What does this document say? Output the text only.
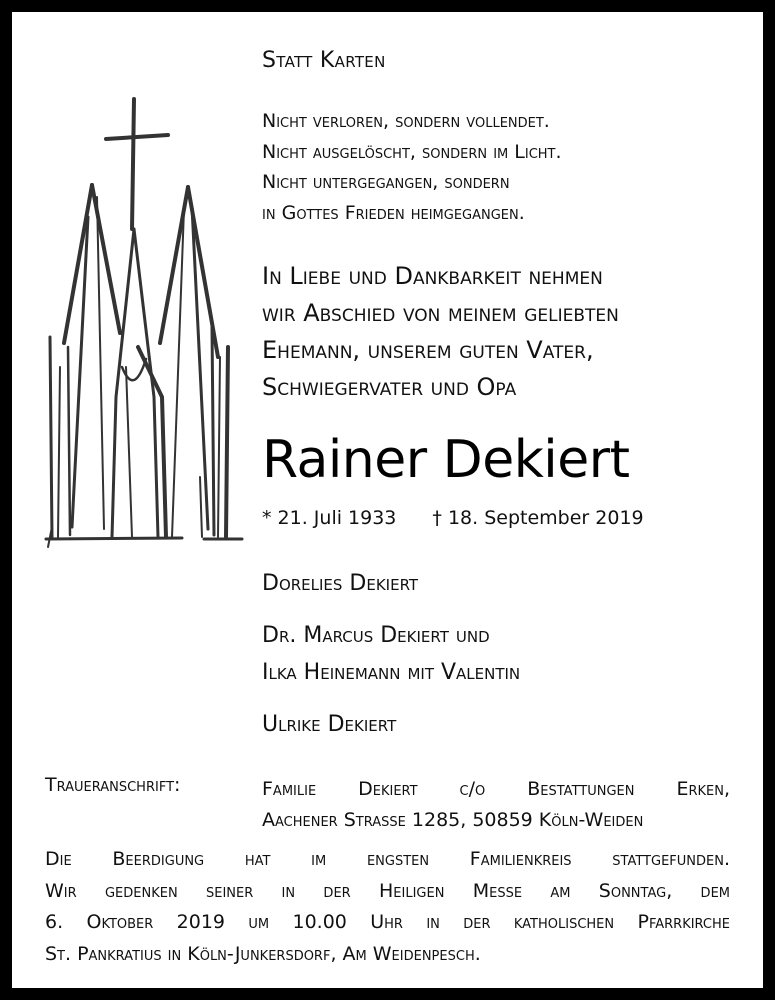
Statt Karten

Nicht verloren, sondern vollendet.
Nicht ausgelöscht, sondern im Licht.
Nicht untergegangen, sondern
in Gottes Frieden heimgegangen.

In Liebe und Dankbarkeit nehmen
wir Abschied von meinem geliebten
Ehemann, unserem guten Vater,
Schwiegervater und Opa

Rainer Dekiert

* 21. Juli 1933 † 18. September 2019

Dorelies Dekiert

Dr. Marcus Dekiert und
Ilka Heinemann mit Valentin

Ulrike Dekiert

Traueranschrift:	Familie Dekiert c/o Bestattungen Erken,
Aachener Strasse 1285, 50859 Köln-Weiden
Die Beerdigung hat im engsten Familienkreis stattgefunden.
Wir gedenken seiner in der Heiligen Messe am Sonntag, dem
6. Oktober 2019 um 10.00 Uhr in der katholischen Pfarrkirche
St. Pankratius in Köln-Junkersdorf, Am Weidenpesch.
